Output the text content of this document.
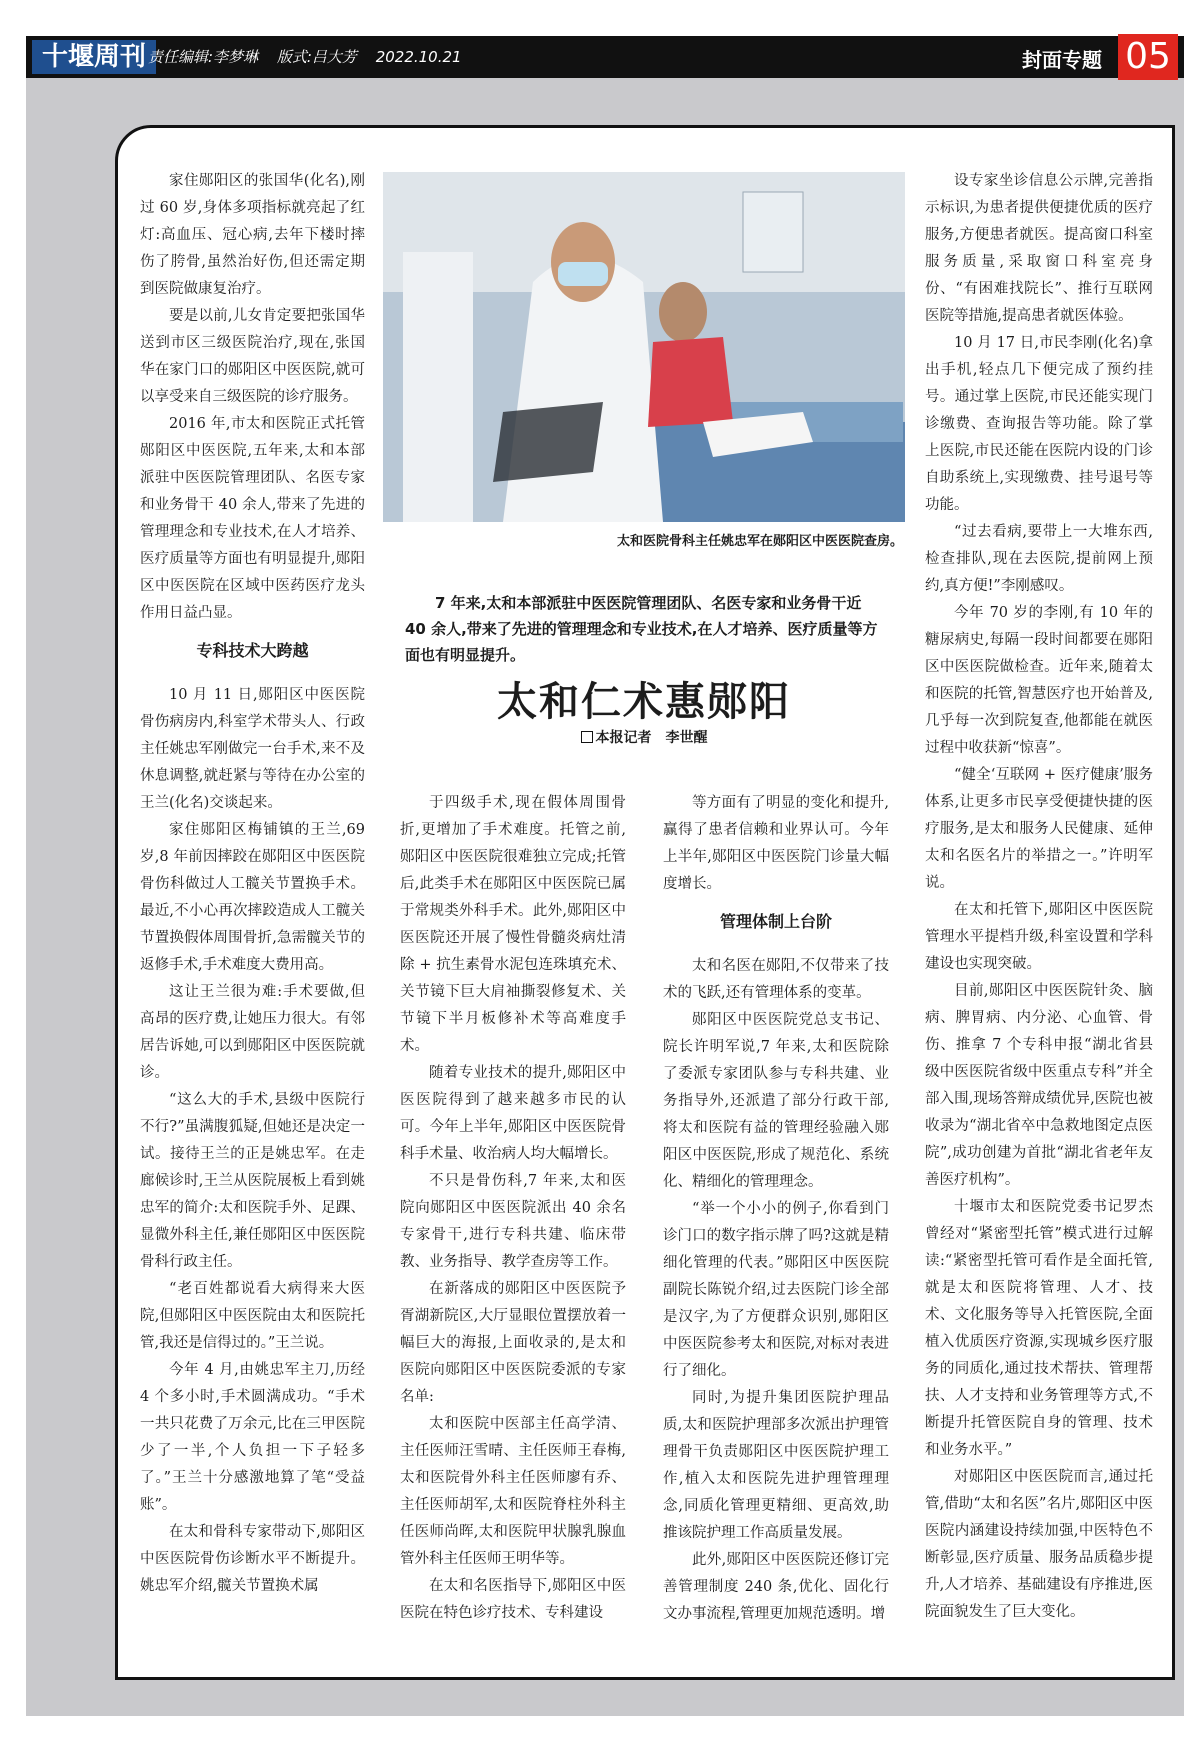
十堰周刊 责任编辑:李梦琳 版式:吕大芳 2022.10.21	封面专题 05

家住郧阳区的张国华(化名),刚过 60 岁,身体多项指标就亮起了红灯:高血压、冠心病,去年下楼时摔伤了胯骨,虽然治好伤,但还需定期到医院做康复治疗。

要是以前,儿女肯定要把张国华送到市区三级医院治疗,现在,张国华在家门口的郧阳区中医医院,就可以享受来自三级医院的诊疗服务。

2016 年,市太和医院正式托管郧阳区中医医院,五年来,太和本部派驻中医医院管理团队、名医专家和业务骨干 40 余人,带来了先进的管理理念和专业技术,在人才培养、医疗质量等方面也有明显提升,郧阳区中医医院在区域中医药医疗龙头作用日益凸显。

专科技术大跨越

10 月 11 日,郧阳区中医医院骨伤病房内,科室学术带头人、行政主任姚忠军刚做完一台手术,来不及休息调整,就赶紧与等待在办公室的王兰(化名)交谈起来。

家住郧阳区梅铺镇的王兰,69 岁,8 年前因摔跤在郧阳区中医医院骨伤科做过人工髋关节置换手术。最近,不小心再次摔跤造成人工髋关节置换假体周围骨折,急需髋关节的返修手术,手术难度大费用高。

这让王兰很为难:手术要做,但高昂的医疗费,让她压力很大。有邻居告诉她,可以到郧阳区中医医院就诊。

“这么大的手术,县级中医院行不行?”虽满腹狐疑,但她还是决定一试。接待王兰的正是姚忠军。在走廊候诊时,王兰从医院展板上看到姚忠军的简介:太和医院手外、足踝、显微外科主任,兼任郧阳区中医医院骨科行政主任。

“老百姓都说看大病得来大医院,但郧阳区中医医院由太和医院托管,我还是信得过的。”王兰说。

今年 4 月,由姚忠军主刀,历经 4 个多小时,手术圆满成功。“手术一共只花费了万余元,比在三甲医院少了一半,个人负担一下子轻多了。”王兰十分感激地算了笔“受益账”。

在太和骨科专家带动下,郧阳区中医医院骨伤诊断水平不断提升。姚忠军介绍,髋关节置换术属

太和医院骨科主任姚忠军在郧阳区中医医院查房。
7 年来,太和本部派驻中医医院管理团队、名医专家和业务骨干近 40 余人,带来了先进的管理理念和专业技术,在人才培养、医疗质量等方面也有明显提升。
太和仁术惠郧阳
本报记者　李世醒

于四级手术,现在假体周围骨折,更增加了手术难度。托管之前,郧阳区中医医院很难独立完成;托管后,此类手术在郧阳区中医医院已属于常规类外科手术。此外,郧阳区中医医院还开展了慢性骨髓炎病灶清除 + 抗生素骨水泥包连珠填充术、关节镜下巨大肩袖撕裂修复术、关节镜下半月板修补术等高难度手术。

随着专业技术的提升,郧阳区中医医院得到了越来越多市民的认可。今年上半年,郧阳区中医医院骨科手术量、收治病人均大幅增长。

不只是骨伤科,7 年来,太和医院向郧阳区中医医院派出 40 余名专家骨干,进行专科共建、临床带教、业务指导、教学查房等工作。

在新落成的郧阳区中医医院予胥湖新院区,大厅显眼位置摆放着一幅巨大的海报,上面收录的,是太和医院向郧阳区中医医院委派的专家名单:

太和医院中医部主任高学清、主任医师汪雪晴、主任医师王春梅,太和医院骨外科主任医师廖有乔、主任医师胡军,太和医院脊柱外科主任医师尚晖,太和医院甲状腺乳腺血管外科主任医师王明华等。

在太和名医指导下,郧阳区中医医院在特色诊疗技术、专科建设

等方面有了明显的变化和提升,赢得了患者信赖和业界认可。今年上半年,郧阳区中医医院门诊量大幅度增长。

管理体制上台阶

太和名医在郧阳,不仅带来了技术的飞跃,还有管理体系的变革。

郧阳区中医医院党总支书记、院长许明军说,7 年来,太和医院除了委派专家团队参与专科共建、业务指导外,还派遣了部分行政干部,将太和医院有益的管理经验融入郧阳区中医医院,形成了规范化、系统化、精细化的管理理念。

“举一个小小的例子,你看到门诊门口的数字指示牌了吗?这就是精细化管理的代表。”郧阳区中医医院副院长陈锐介绍,过去医院门诊全部是汉字,为了方便群众识别,郧阳区中医医院参考太和医院,对标对表进行了细化。

同时,为提升集团医院护理品质,太和医院护理部多次派出护理管理骨干负责郧阳区中医医院护理工作,植入太和医院先进护理管理理念,同质化管理更精细、更高效,助推该院护理工作高质量发展。

此外,郧阳区中医医院还修订完善管理制度 240 条,优化、固化行文办事流程,管理更加规范透明。增

设专家坐诊信息公示牌,完善指示标识,为患者提供便捷优质的医疗服务,方便患者就医。提高窗口科室服务质量,采取窗口科室亮身份、“有困难找院长”、推行互联网医院等措施,提高患者就医体验。

10 月 17 日,市民李刚(化名)拿出手机,轻点几下便完成了预约挂号。通过掌上医院,市民还能实现门诊缴费、查询报告等功能。除了掌上医院,市民还能在医院内设的门诊自助系统上,实现缴费、挂号退号等功能。

“过去看病,要带上一大堆东西,检查排队,现在去医院,提前网上预约,真方便!”李刚感叹。

今年 70 岁的李刚,有 10 年的糖尿病史,每隔一段时间都要在郧阳区中医医院做检查。近年来,随着太和医院的托管,智慧医疗也开始普及,几乎每一次到院复查,他都能在就医过程中收获新“惊喜”。

“健全‘互联网 + 医疗健康’服务体系,让更多市民享受便捷快捷的医疗服务,是太和服务人民健康、延伸太和名医名片的举措之一。”许明军说。

在太和托管下,郧阳区中医医院管理水平提档升级,科室设置和学科建设也实现突破。

目前,郧阳区中医医院针灸、脑病、脾胃病、内分泌、心血管、骨伤、推拿 7 个专科申报“湖北省县级中医医院省级中医重点专科”并全部入围,现场答辩成绩优异,医院也被收录为“湖北省卒中急救地图定点医院”,成功创建为首批“湖北省老年友善医疗机构”。

十堰市太和医院党委书记罗杰曾经对“紧密型托管”模式进行过解读:“紧密型托管可看作是全面托管,就是太和医院将管理、人才、技术、文化服务等导入托管医院,全面植入优质医疗资源,实现城乡医疗服务的同质化,通过技术帮扶、管理帮扶、人才支持和业务管理等方式,不断提升托管医院自身的管理、技术和业务水平。”

对郧阳区中医医院而言,通过托管,借助“太和名医”名片,郧阳区中医医院内涵建设持续加强,中医特色不断彰显,医疗质量、服务品质稳步提升,人才培养、基础建设有序推进,医院面貌发生了巨大变化。
